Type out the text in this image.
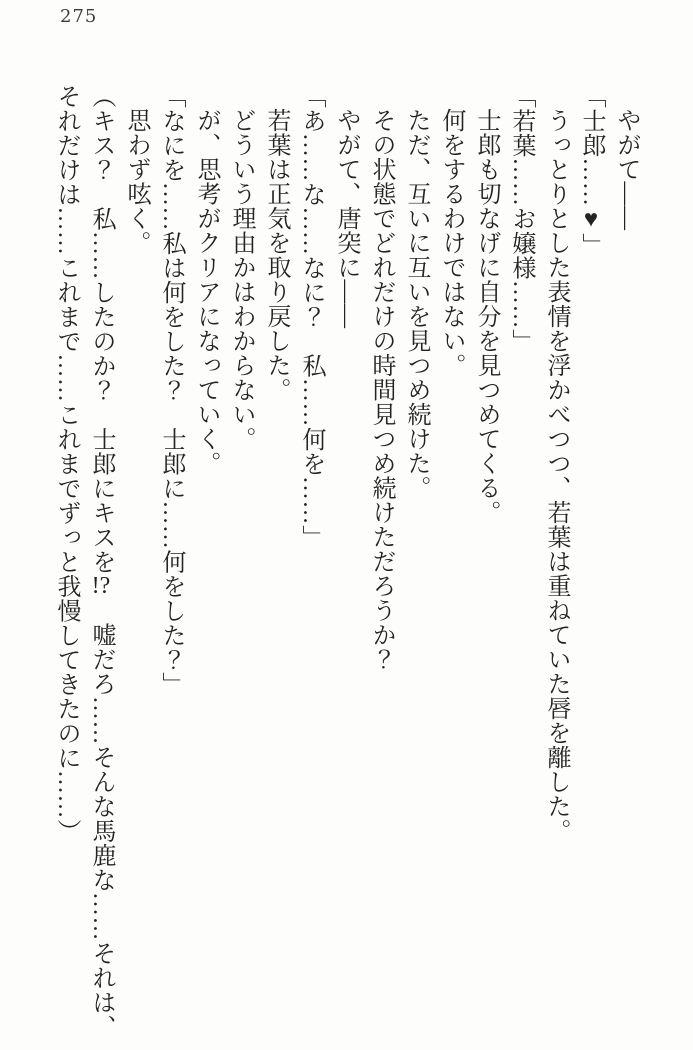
275

やがて――

「士郎……♥」

うっとりとした表情を浮かべつつ、若葉は重ねていた唇を離した。

「若葉……お嬢様……」

士郎も切なげに自分を見つめてくる。

何をするわけではない。

ただ、互いに互いを見つめ続けた。

その状態でどれだけの時間見つめ続けただろうか？

やがて、唐突に――

「あ……な……なに？　私……何を……」

若葉は正気を取り戻した。

どういう理由かはわからない。

が、思考がクリアになっていく。

「なにを……私は何をした？　士郎に……何をした？」

思わず呟く。

（キス？　私……したのか？　士郎にキスを!?　嘘だろ……そんな馬鹿な……それは、

それだけは……これまで……これまでずっと我慢してきたのに……）
